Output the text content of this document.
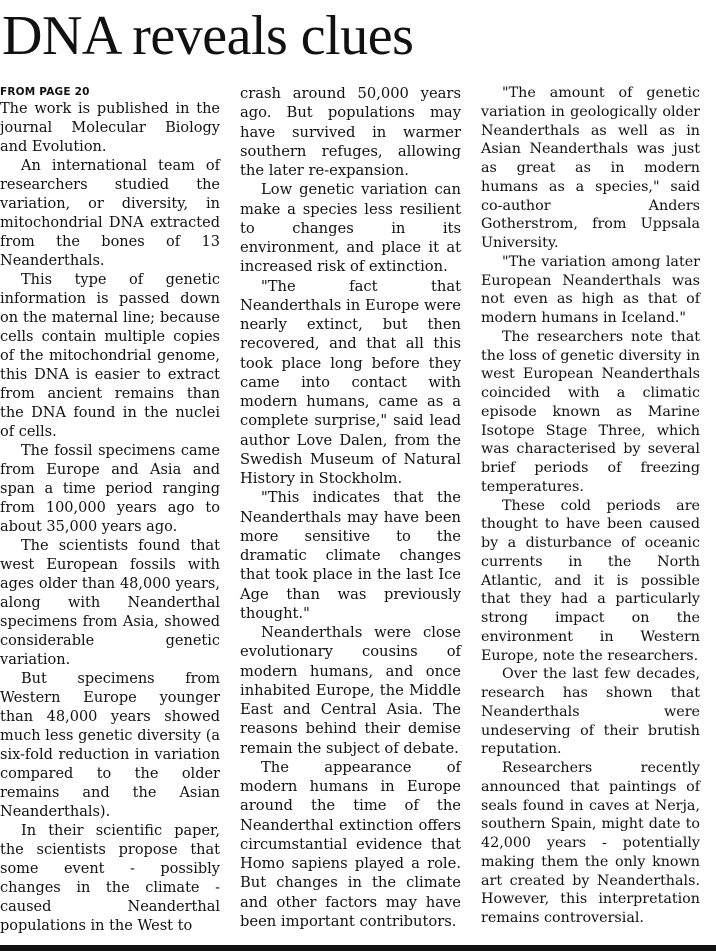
DNA reveals clues
FROM PAGE 20

The work is published in the journal Molecular Biology and Evolution.

An international team of researchers studied the variation, or diversity, in mitochondrial DNA extracted from the bones of 13 Neanderthals.

This type of genetic information is passed down on the maternal line; because cells contain multiple copies of the mitochondrial genome, this DNA is easier to extract from ancient remains than the DNA found in the nuclei of cells.

The fossil specimens came from Europe and Asia and span a time period ranging from 100,000 years ago to about 35,000 years ago.

The scientists found that west European fossils with ages older than 48,000 years, along with Neanderthal specimens from Asia, showed considerable genetic variation.

But specimens from Western Europe younger than 48,000 years showed much less genetic diversity (a six-fold reduction in variation compared to the older remains and the Asian Neanderthals).

In their scientific paper, the scientists propose that some event - possibly changes in the climate - caused Neanderthal populations in the West to

crash around 50,000 years ago. But populations may have survived in warmer southern refuges, allowing the later re-expansion.

Low genetic variation can make a species less resilient to changes in its environment, and place it at increased risk of extinction.

"The fact that Neanderthals in Europe were nearly extinct, but then recovered, and that all this took place long before they came into contact with modern humans, came as a complete surprise," said lead author Love Dalen, from the Swedish Museum of Natural History in Stockholm.

"This indicates that the Neanderthals may have been more sensitive to the dramatic climate changes that took place in the last Ice Age than was previously thought."

Neanderthals were close evolutionary cousins of modern humans, and once inhabited Europe, the Middle East and Central Asia. The reasons behind their demise remain the subject of debate.

The appearance of modern humans in Europe around the time of the Neanderthal extinction offers circumstantial evidence that Homo sapiens played a role. But changes in the climate and other factors may have been important contributors.

"The amount of genetic variation in geologically older Neanderthals as well as in Asian Neanderthals was just as great as in modern humans as a species," said co-author Anders Gotherstrom, from Uppsala University.

"The variation among later European Neanderthals was not even as high as that of modern humans in Iceland."

The researchers note that the loss of genetic diversity in west European Neanderthals coincided with a climatic episode known as Marine Isotope Stage Three, which was characterised by several brief periods of freezing temperatures.

These cold periods are thought to have been caused by a disturbance of oceanic currents in the North Atlantic, and it is possible that they had a particularly strong impact on the environment in Western Europe, note the researchers.

Over the last few decades, research has shown that Neanderthals were undeserving of their brutish reputation.

Researchers recently announced that paintings of seals found in caves at Nerja, southern Spain, might date to 42,000 years - potentially making them the only known art created by Neanderthals. However, this interpretation remains controversial.
